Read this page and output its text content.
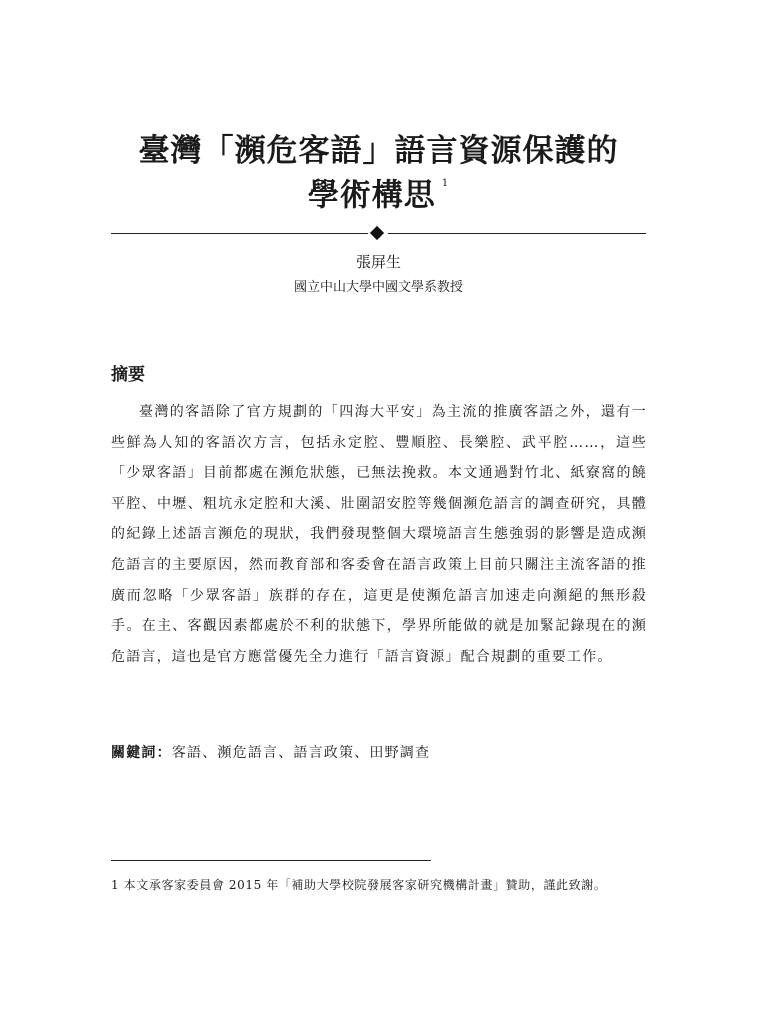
臺灣「瀕危客語」語言資源保護的
學術構思 $^1$
張屏生
國立中山大學中國文學系教授
摘要

臺灣的客語除了官方規劃的「四海大平安」為主流的推廣客語之外，還有一些鮮為人知的客語次方言，包括永定腔、豐順腔、長樂腔、武平腔……，這些「少眾客語」目前都處在瀕危狀態，已無法挽救。本文通過對竹北、紙寮窩的饒平腔、中壢、粗坑永定腔和大溪、壯圍詔安腔等幾個瀕危語言的調查研究，具體的紀錄上述語言瀕危的現狀，我們發現整個大環境語言生態強弱的影響是造成瀕危語言的主要原因，然而教育部和客委會在語言政策上目前只關注主流客語的推廣而忽略「少眾客語」族群的存在，這更是使瀕危語言加速走向瀕絕的無形殺手。在主、客觀因素都處於不利的狀態下，學界所能做的就是加緊記錄現在的瀕危語言，這也是官方應當優先全力進行「語言資源」配合規劃的重要工作。

關鍵詞：客語、瀕危語言、語言政策、田野調查
1 本文承客家委員會 2015 年「補助大學校院發展客家研究機構計畫」贊助，謹此致謝。
